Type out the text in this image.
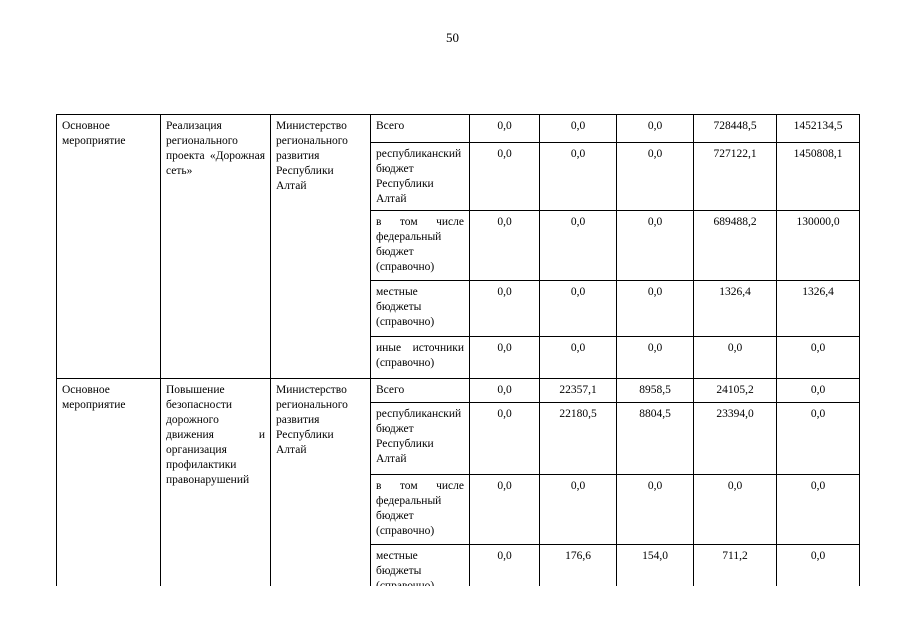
50
Основное мероприятие	Реализация регионального проекта «Дорожная сеть»	Министерство регионального развития Республики Алтай	Всего	0,0	0,0	0,0	728448,5	1452134,5
			республиканский бюджет Республики Алтай	0,0	0,0	0,0	727122,1	1450808,1
			в том числе федеральный бюджет (справочно)	0,0	0,0	0,0	689488,2	130000,0
			местные бюджеты (справочно)	0,0	0,0	0,0	1326,4	1326,4
			иные источники (справочно)	0,0	0,0	0,0	0,0	0,0
Основное мероприятие	Повышение безопасности дорожного движения и организация профилактики правонарушений	Министерство регионального развития Республики Алтай	Всего	0,0	22357,1	8958,5	24105,2	0,0
			республиканский бюджет Республики Алтай	0,0	22180,5	8804,5	23394,0	0,0
			в том числе федеральный бюджет (справочно)	0,0	0,0	0,0	0,0	0,0
			местные бюджеты	0,0	176,6	154,0	711,2	0,0
